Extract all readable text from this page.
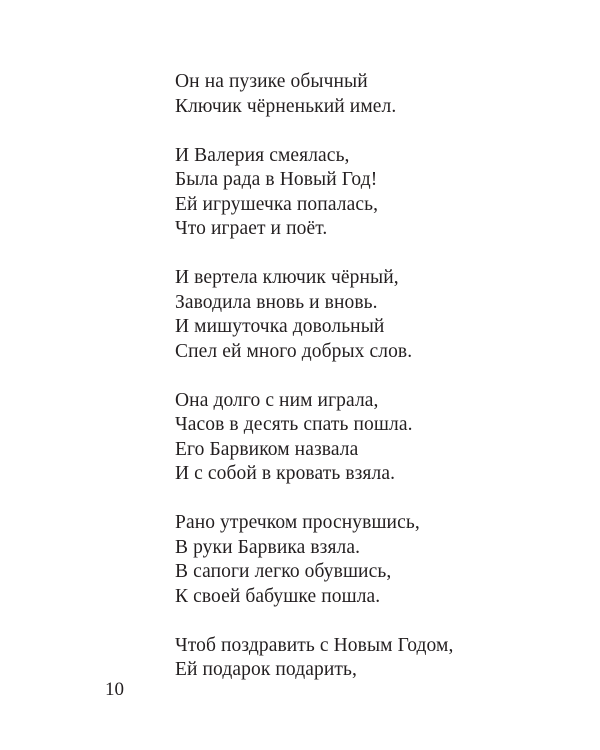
Он на пузике обычный
Ключик чёрненький имел.
И Валерия смеялась,
Была рада в Новый Год!
Ей игрушечка попалась,
Что играет и поёт.
И вертела ключик чёрный,
Заводила вновь и вновь.
И мишуточка довольный
Спел ей много добрых слов.
Она долго с ним играла,
Часов в десять спать пошла.
Его Барвиком назвала
И с собой в кровать взяла.
Рано утречком проснувшись,
В руки Барвика взяла.
В сапоги легко обувшись,
К своей бабушке пошла.
Чтоб поздравить с Новым Годом,
Ей подарок подарить,
10
